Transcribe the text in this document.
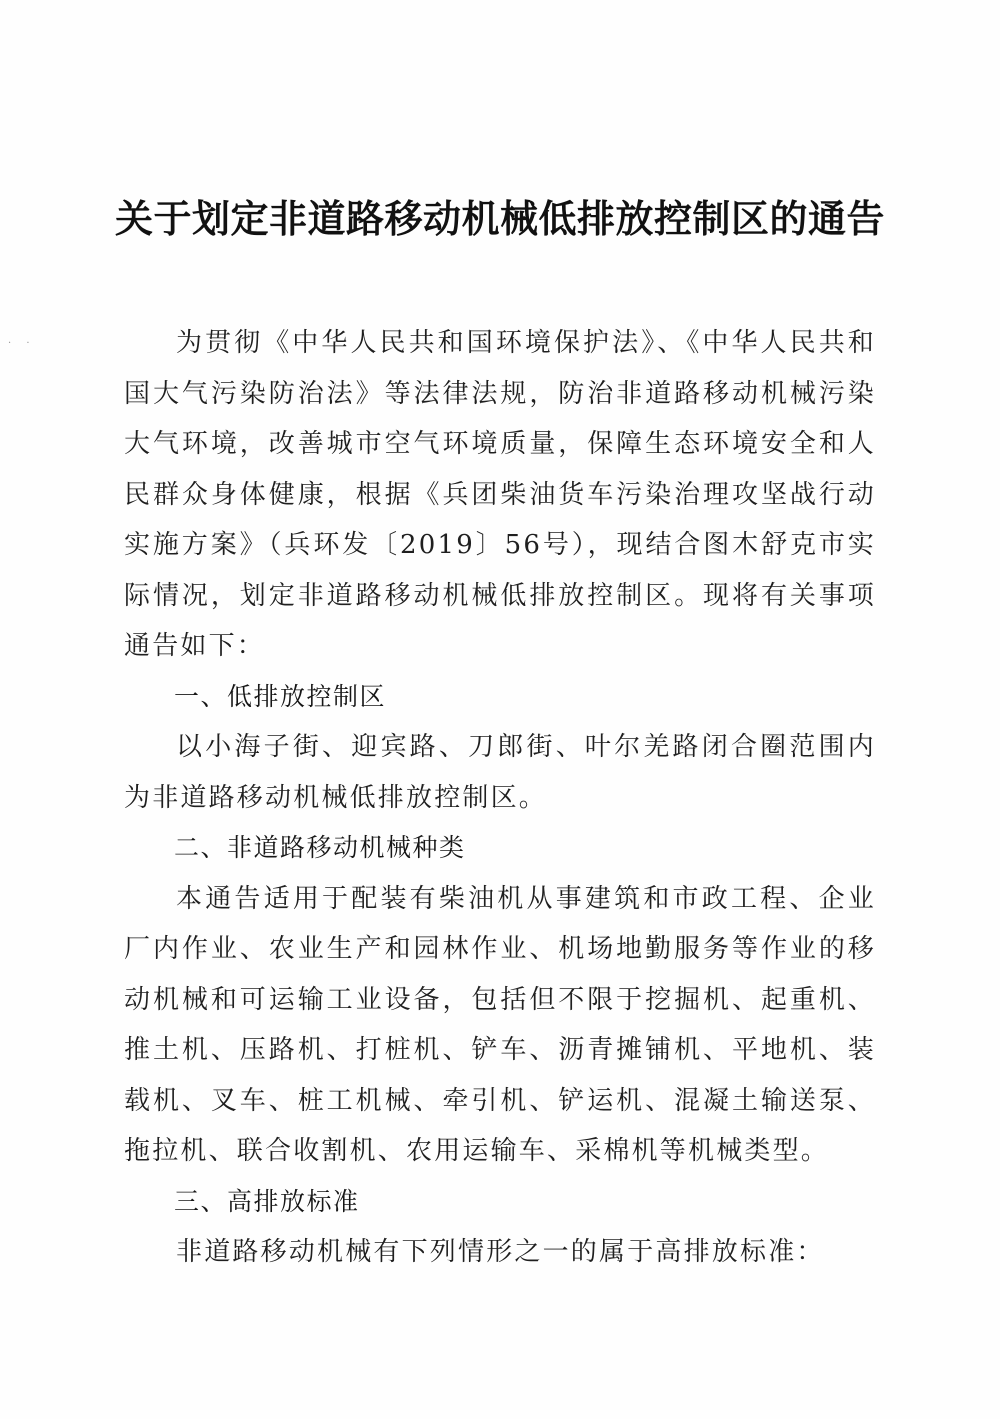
· ·
关于划定非道路移动机械低排放控制区的通告

为贯彻《中华人民共和国环境保护法》、《中华人民共和国大气污染防治法》等法律法规，防治非道路移动机械污染大气环境，改善城市空气环境质量，保障生态环境安全和人民群众身体健康，根据《兵团柴油货车污染治理攻坚战行动实施方案》（兵环发〔2019〕56号），现结合图木舒克市实际情况，划定非道路移动机械低排放控制区。现将有关事项通告如下：

一、低排放控制区

以小海子街、迎宾路、刀郎街、叶尔羌路闭合圈范围内为非道路移动机械低排放控制区。

二、非道路移动机械种类

本通告适用于配装有柴油机从事建筑和市政工程、企业厂内作业、农业生产和园林作业、机场地勤服务等作业的移动机械和可运输工业设备，包括但不限于挖掘机、起重机、推土机、压路机、打桩机、铲车、沥青摊铺机、平地机、装载机、叉车、桩工机械、牵引机、铲运机、混凝土输送泵、拖拉机、联合收割机、农用运输车、采棉机等机械类型。

三、高排放标准

非道路移动机械有下列情形之一的属于高排放标准：
